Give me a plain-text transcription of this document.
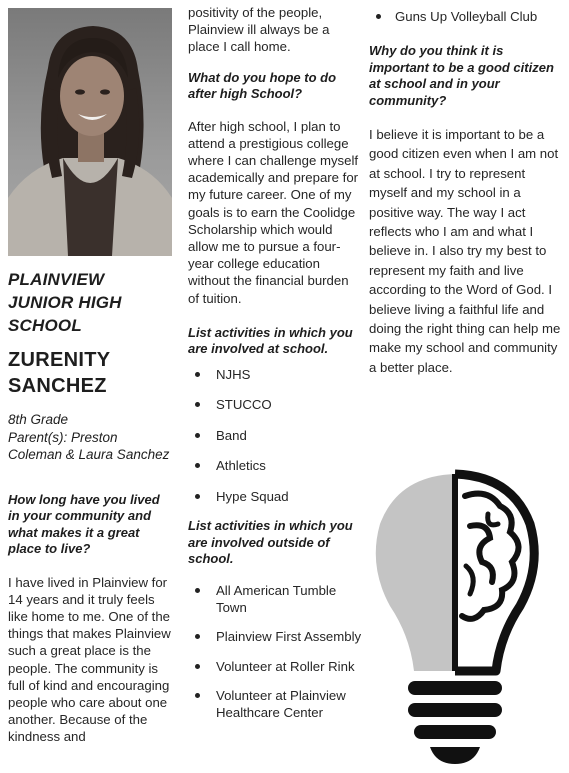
PLAINVIEW JUNIOR HIGH SCHOOL
ZURENITY SANCHEZ
8th Grade
Parent(s): Preston Coleman & Laura Sanchez

How long have you lived in your community and what makes it a great place to live?

I have lived in Plainview for 14 years and it truly feels like home to me. One of the things that makes Plainview such a great place is the people. The community is full of kind and encouraging people who care about one another. Because of the kindness and

positivity of the people, Plainview ill always be a place I call home.

What do you hope to do after high School?

After high school, I plan to attend a prestigious college where I can challenge myself academically and prepare for my future career. One of my goals is to earn the Coolidge Scholarship which would allow me to pursue a four-year college education without the financial burden of tuition.

List activities in which you are involved at school.

NJHS
STUCCO
Band
Athletics
Hype Squad

List activities in which you are involved outside of school.

All American Tumble Town
Plainview First Assembly
Volunteer at Roller Rink
Volunteer at Plainview Healthcare Center
Guns Up Volleyball Club

Why do you think it is important to be a good citizen at school and in your community?

I believe it is important to be a good citizen even when I am not at school. I try to represent myself and my school in a positive way. The way I act reflects who I am and what I believe in. I also try my best to represent my faith and live according to the Word of God. I believe living a faithful life and doing the right thing can help me make my school and community a better place.
